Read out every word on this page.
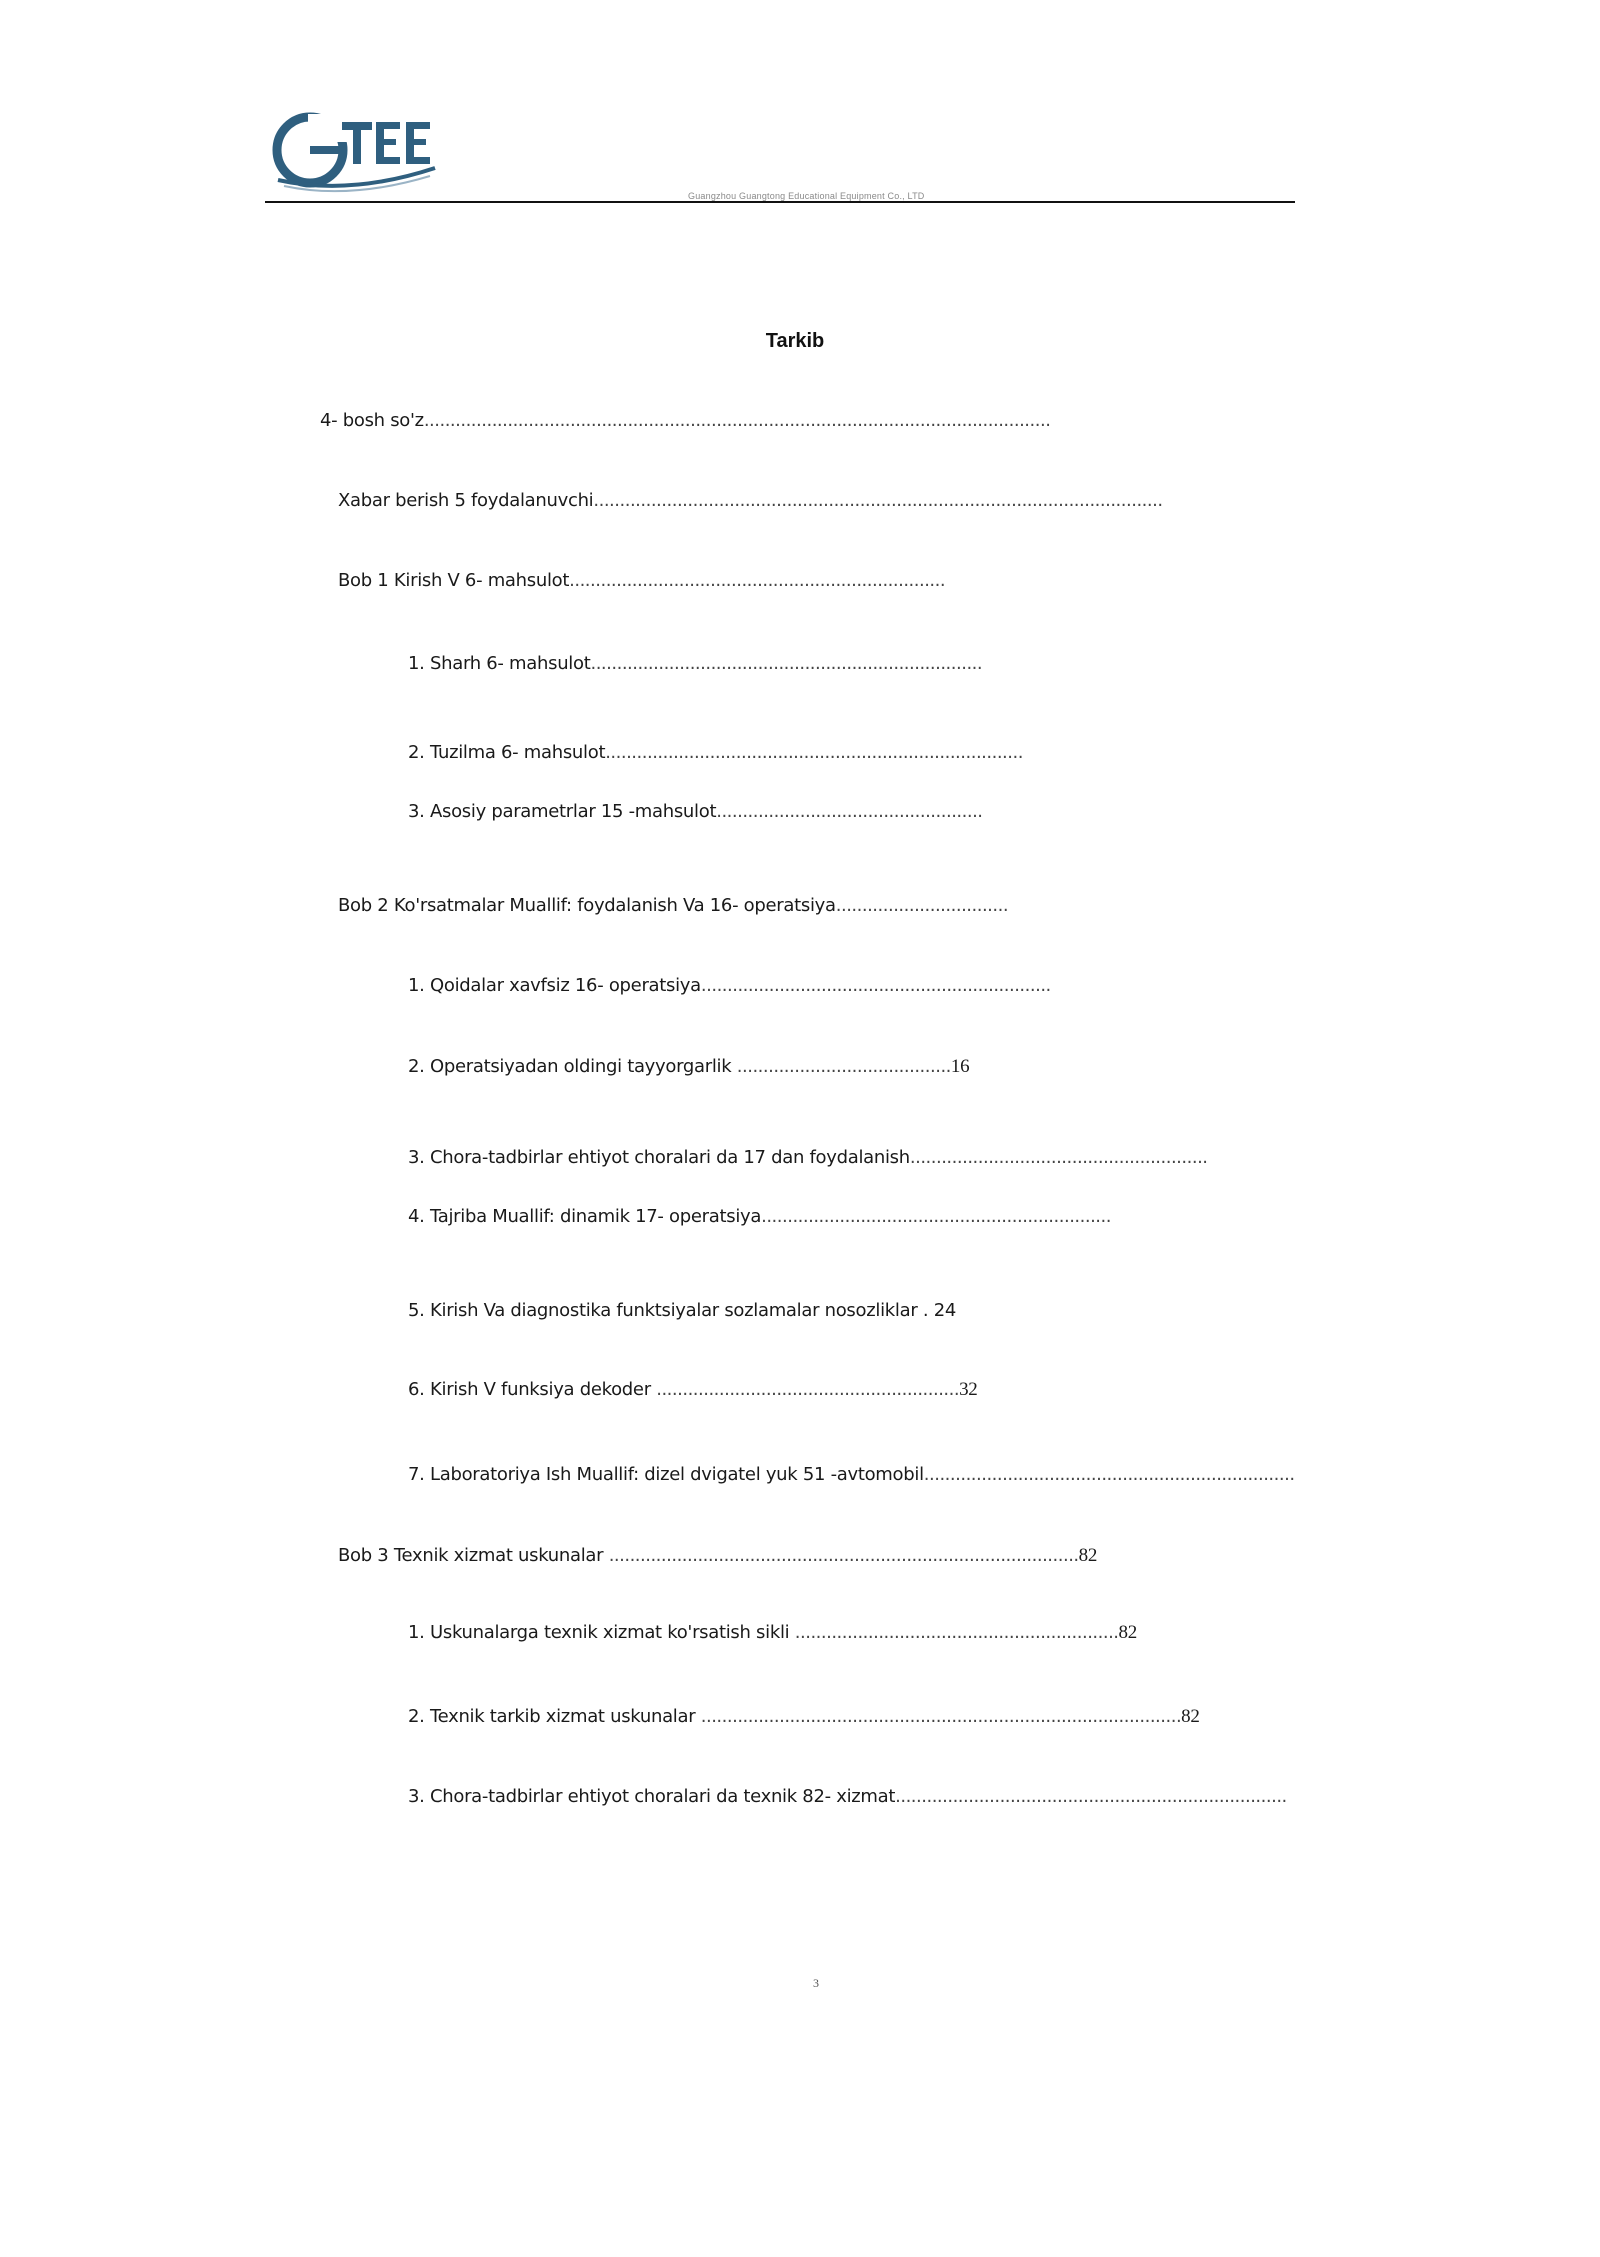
Guangzhou Guangtong Educational Equipment Co., LTD
Tarkib
4- bosh so'z........................................................................................................................
Xabar berish 5 foydalanuvchi.............................................................................................................
Bob 1 Kirish V 6- mahsulot........................................................................
1. Sharh 6- mahsulot...........................................................................
2. Tuzilma 6- mahsulot................................................................................
3. Asosiy parametrlar 15 -mahsulot...................................................
Bob 2 Ko'rsatmalar Muallif: foydalanish Va 16- operatsiya.................................
1. Qoidalar xavfsiz 16- operatsiya...................................................................
2. Operatsiyadan oldingi tayyorgarlik .........................................16
3. Chora-tadbirlar ehtiyot choralari da 17 dan foydalanish.........................................................
4. Tajriba Muallif: dinamik 17- operatsiya...................................................................
5. Kirish Va diagnostika funktsiyalar sozlamalar nosozliklar . 24
6. Kirish V funksiya dekoder ..........................................................32
7. Laboratoriya Ish Muallif: dizel dvigatel yuk 51 -avtomobil.......................................................................
Bob 3 Texnik xizmat uskunalar ..........................................................................................82
1. Uskunalarga texnik xizmat ko'rsatish sikli ..............................................................82
2. Texnik tarkib xizmat uskunalar ............................................................................................82
3. Chora-tadbirlar ehtiyot choralari da texnik 82- xizmat...........................................................................
3
